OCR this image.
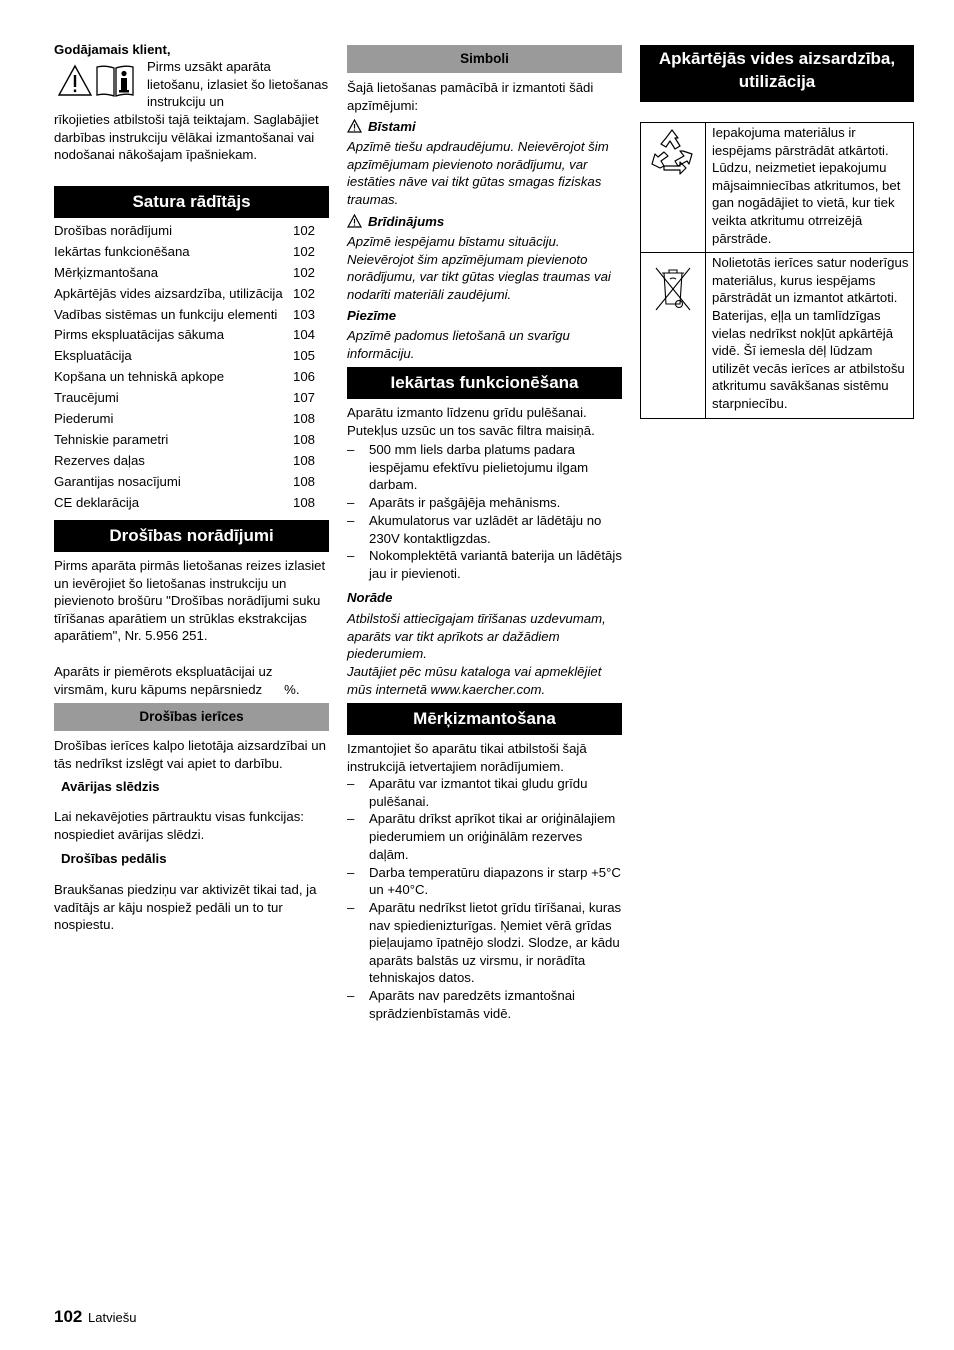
Godājamais klient,

Pirms uzsākt aparāta lietošanu, izlasiet šo lietošanas instrukciju un

rīkojieties atbilstoši tajā teiktajam. Saglabājiet darbības instrukciju vēlākai izmantošanai vai nodošanai nākošajam īpašniekam.

Satura rādītājs
Drošības norādījumi	102
Iekārtas funkcionēšana	102
Mērķizmantošana	102
Apkārtējās vides aizsardzība, utilizācija 102
Vadības sistēmas un funkciju elementi 103
Pirms ekspluatācijas sākuma	104
Ekspluatācija	105
Kopšana un tehniskā apkope	106
Traucējumi	107
Piederumi	108
Tehniskie parametri	108
Rezerves daļas	108
Garantijas nosacījumi	108
CE deklarācija	108
Drošības norādījumi

Pirms aparāta pirmās lietošanas reizes izlasiet un ievērojiet šo lietošanas instrukciju un pievienoto brošūru "Drošības norādījumi suku tīrīšanas aparātiem un strūklas ekstrakcijas aparātiem", Nr. 5.956 251.

Aparāts ir piemērots ekspluatācijai uz virsmām, kuru kāpums nepārsniedz      %.

Drošības ierīces

Drošības ierīces kalpo lietotāja aizsardzībai un tās nedrīkst izslēgt vai apiet to darbību.

Avārijas slēdzis

Lai nekavējoties pārtrauktu visas funkcijas: nospiediet avārijas slēdzi.

Drošības pedālis

Braukšanas piedziņu var aktivizēt tikai tad, ja vadītājs ar kāju nospiež pedāli un to tur nospiestu.

Simboli

Šajā lietošanas pamācībā ir izmantoti šādi apzīmējumi:

Bīstami

Apzīmē tiešu apdraudējumu. Neievērojot šim apzīmējumam pievienoto norādījumu, var iestāties nāve vai tikt gūtas smagas fiziskas traumas.

Brīdinājums

Apzīmē iespējamu bīstamu situāciju. Neievērojot šim apzīmējumam pievienoto norādījumu, var tikt gūtas vieglas traumas vai nodarīti materiāli zaudējumi.

Piezīme

Apzīmē padomus lietošanā un svarīgu informāciju.

Iekārtas funkcionēšana

Aparātu izmanto līdzenu grīdu pulēšanai. Putekļus uzsūc un tos savāc filtra maisiņā.

– 500 mm liels darba platums padara iespējamu efektīvu pielietojumu ilgam darbam.
– Aparāts ir pašgājēja mehānisms.
– Akumulatorus var uzlādēt ar lādētāju no 230V kontaktligzdas.
– Nokomplektētā variantā baterija un lādētājs jau ir pievienoti.

Norāde

Atbilstoši attiecīgajam tīrīšanas uzdevumam, aparāts var tikt aprīkots ar dažādiem piederumiem.

Jautājiet pēc mūsu kataloga vai apmeklējiet mūs internetā www.kaercher.com.

Mērķizmantošana

Izmantojiet šo aparātu tikai atbilstoši šajā instrukcijā ietvertajiem norādījumiem.

– Aparātu var izmantot tikai gludu grīdu pulēšanai.
– Aparātu drīkst aprīkot tikai ar oriģinālajiem piederumiem un oriģinālām rezerves daļām.
– Darba temperatūru diapazons ir starp +5°C un +40°C.
– Aparātu nedrīkst lietot grīdu tīrīšanai, kuras nav spiedienizturīgas. Ņemiet vērā grīdas pieļaujamo īpatnējo slodzi. Slodze, ar kādu aparāts balstās uz virsmu, ir norādīta tehniskajos datos.
– Aparāts nav paredzēts izmantošnai sprādzienbīstamās vidē.
Apkārtējās vides aizsardzība, utilizācija
	Iepakojuma materiālus ir iespējams pārstrādāt atkārtoti. Lūdzu, neizmetiet iepakojumu mājsaimniecības atkritumos, bet gan nogādājiet to vietā, kur tiek veikta atkritumu otrreizējā pārstrāde.
	Nolietotās ierīces satur noderīgus materiālus, kurus iespējams pārstrādāt un izmantot atkārtoti. Baterijas, eļļa un tamlīdzīgas vielas nedrīkst nokļūt apkārtējā vidē. Šī iemesla dēļ lūdzam utilizēt vecās ierīces ar atbilstošu atkritumu savākšanas sistēmu starpniecību.
102 Latviešu
